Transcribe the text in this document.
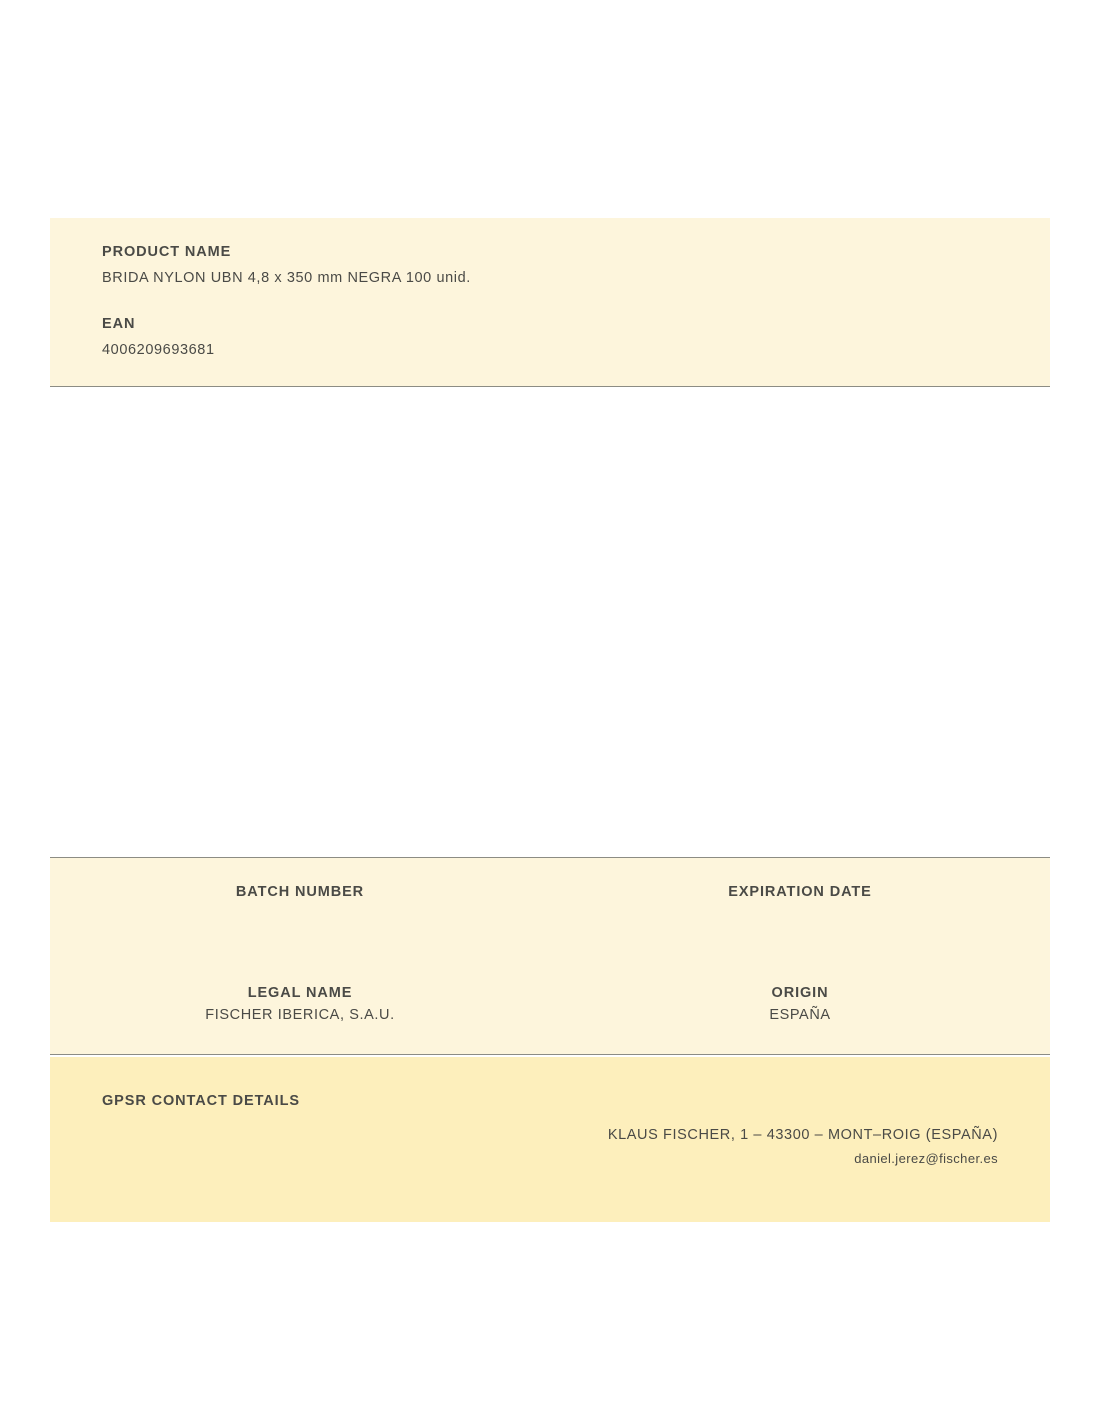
PRODUCT NAME

BRIDA NYLON UBN 4,8 x 350 mm NEGRA 100 unid.

EAN

4006209693681

BATCH NUMBER	EXPIRATION DATE

LEGAL NAME

FISCHER IBERICA, S.A.U.

ORIGIN

ESPAÑA

GPSR CONTACT DETAILS

KLAUS FISCHER, 1 – 43300 – MONT–ROIG (ESPAÑA)

daniel.jerez@fischer.es
